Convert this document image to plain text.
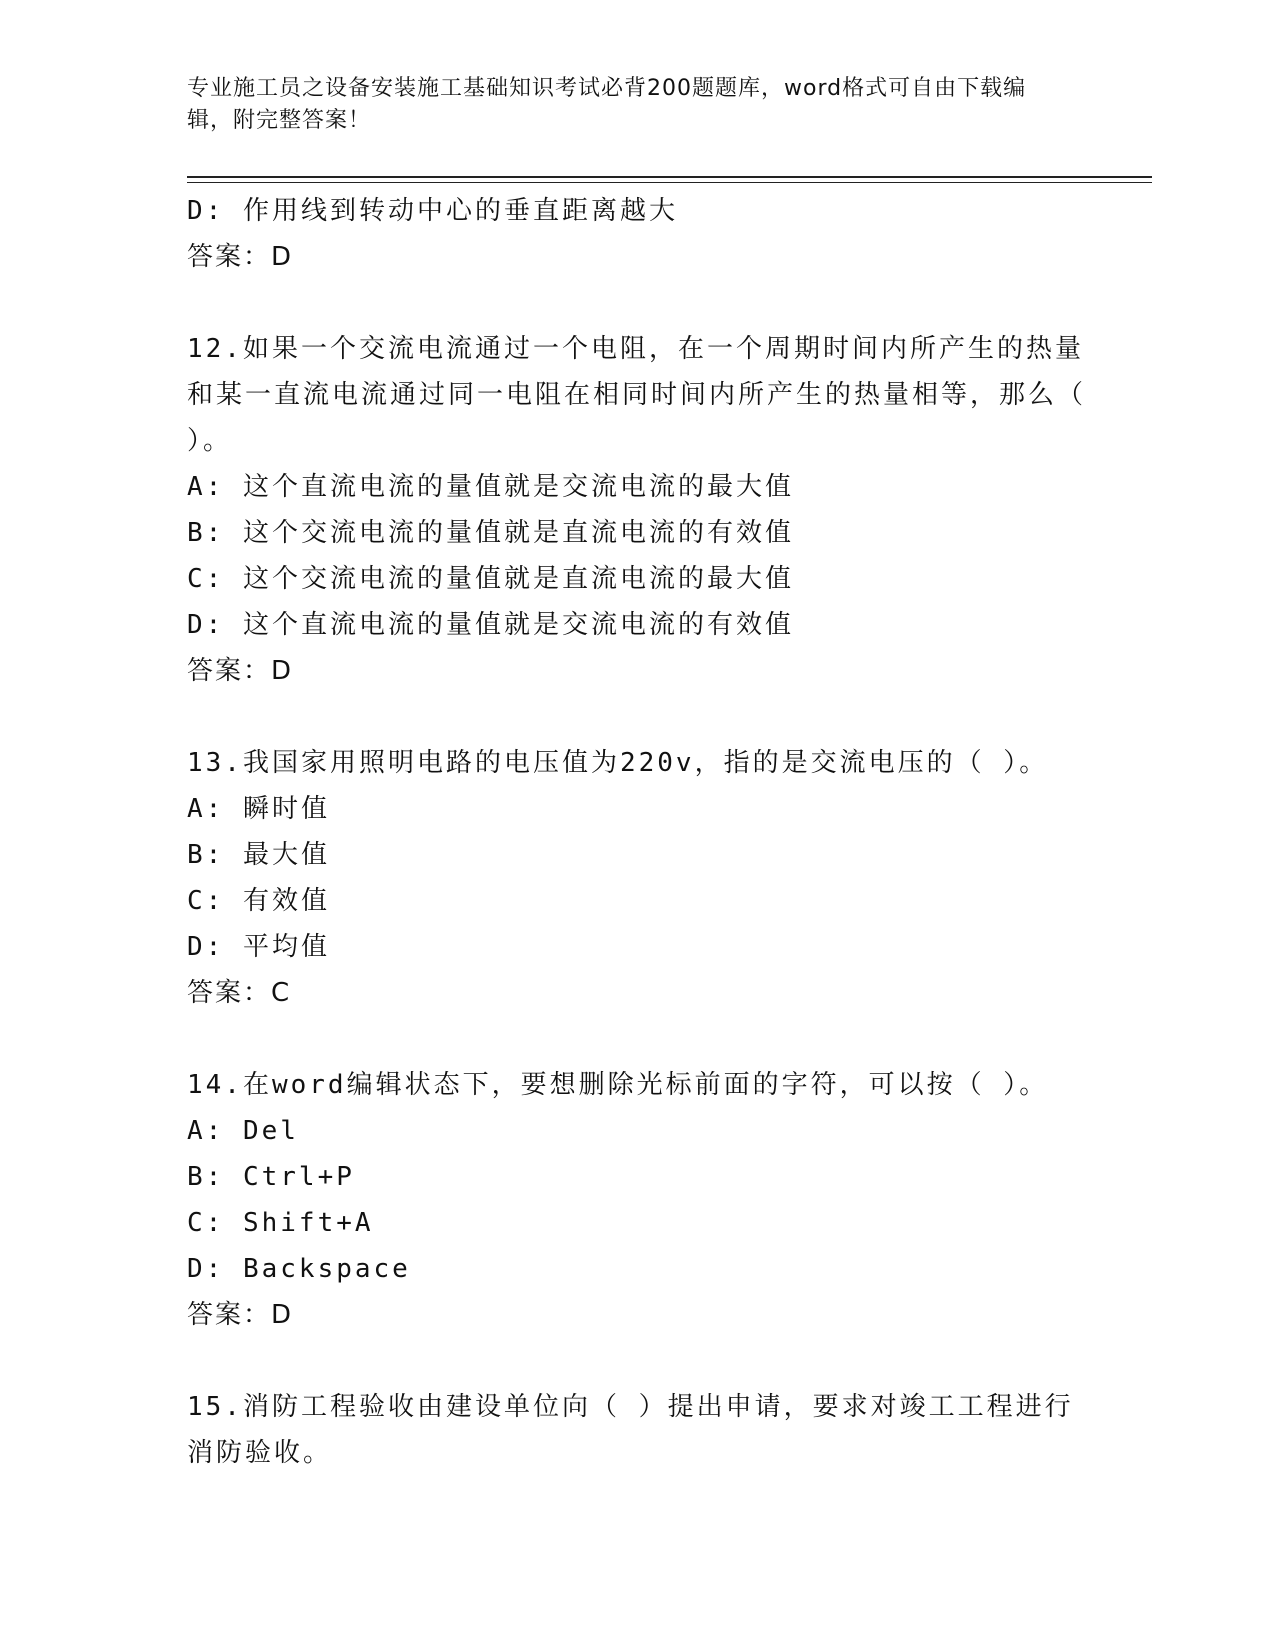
专业施工员之设备安装施工基础知识考试必背200题题库，word格式可自由下载编辑，附完整答案！
D: 作用线到转动中心的垂直距离越大
答案：D
12.如果一个交流电流通过一个电阻，在一个周期时间内所产生的热量和某一直流电流通过同一电阻在相同时间内所产生的热量相等，那么（ ）。
A: 这个直流电流的量值就是交流电流的最大值
B: 这个交流电流的量值就是直流电流的有效值
C: 这个交流电流的量值就是直流电流的最大值
D: 这个直流电流的量值就是交流电流的有效值
答案：D
13.我国家用照明电路的电压值为220v，指的是交流电压的（ ）。
A: 瞬时值
B: 最大值
C: 有效值
D: 平均值
答案：C
14.在word编辑状态下，要想删除光标前面的字符，可以按（ ）。
A: Del
B: Ctrl+P
C: Shift+A
D: Backspace
答案：D
15.消防工程验收由建设单位向（ ）提出申请，要求对竣工工程进行消防验收。
